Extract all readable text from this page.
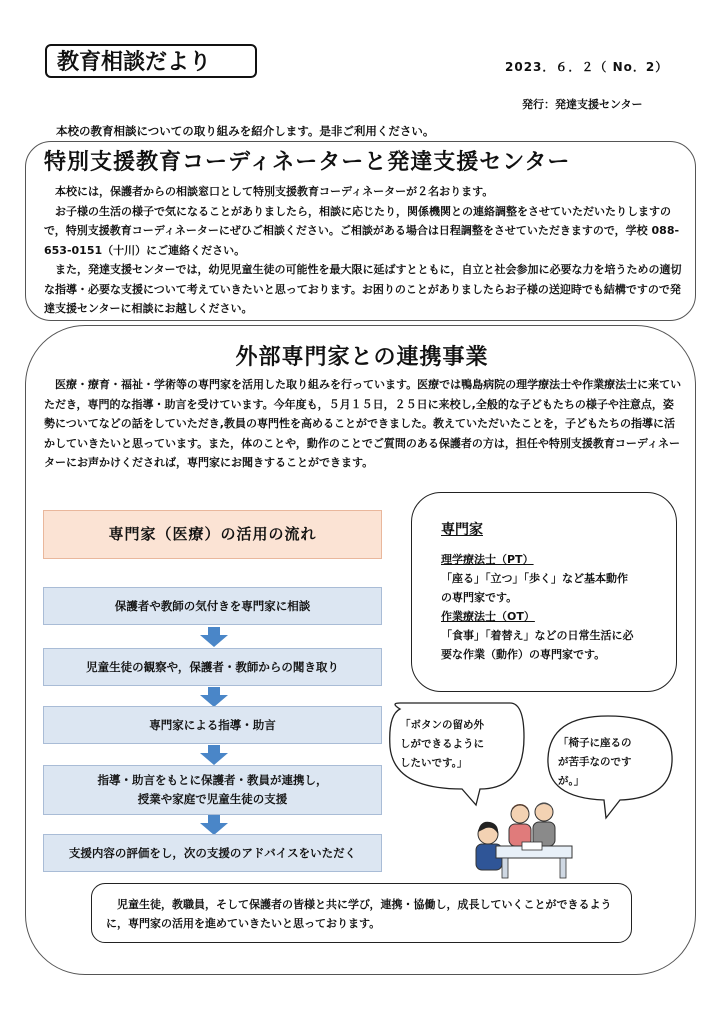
教育相談だより	2023．６．２（ No．2）
発行：発達支援センター
本校の教育相談についての取り組みを紹介します。是非ご利用ください。
特別支援教育コーディネーターと発達支援センター

本校には，保護者からの相談窓口として特別支援教育コーディネーターが２名おります。

お子様の生活の様子で気になることがありましたら，相談に応じたり，関係機関との連絡調整をさせていただいたりしますので，特別支援教育コーディネーターにぜひご相談ください。ご相談がある場合は日程調整をさせていただきますので，学校 088-653-0151（十川）にご連絡ください。

また，発達支援センターでは，幼児児童生徒の可能性を最大限に延ばすとともに，自立と社会参加に必要な力を培うための適切な指導・必要な支援について考えていきたいと思っております。お困りのことがありましたらお子様の送迎時でも結構ですので発達支援センターに相談にお越しください。

外部専門家との連携事業
医療・療育・福祉・学術等の専門家を活用した取り組みを行っています。医療では鴨島病院の理学療法士や作業療法士に来ていただき，専門的な指導・助言を受けています。今年度も，５月１５日，２５日に来校し,全般的な子どもたちの様子や注意点，姿勢についてなどの話をしていただき,教員の専門性を高めることができました。教えていただいたことを，子どもたちの指導に活かしていきたいと思っています。また，体のことや，動作のことでご質問のある保護者の方は，担任や特別支援教育コーディネーターにお声かけくだされば，専門家にお聞きすることができます。
専門家（医療）の活用の流れ
保護者や教師の気付きを専門家に相談
児童生徒の観察や，保護者・教師からの聞き取り
専門家による指導・助言
指導・助言をもとに保護者・教員が連携し，
授業や家庭で児童生徒の支援
支援内容の評価をし，次の支援のアドバイスをいただく
専門家
理学療法士（PT）
「座る」「立つ」「歩く」など基本動作
の専門家です。
作業療法士（OT）
「食事」「着替え」などの日常生活に必
要な作業（動作）の専門家です。
「ボタンの留め外
しができるように
したいです。」
「椅子に座るの
が苦手なのです
が。」
児童生徒，教職員，そして保護者の皆様と共に学び，連携・協働し，成長していくことができるように，専門家の活用を進めていきたいと思っております。
